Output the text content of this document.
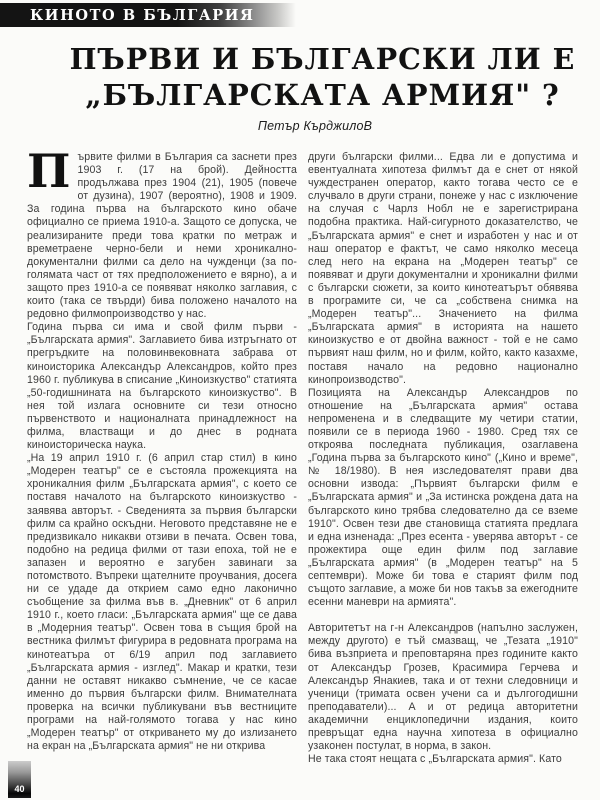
КИНОТО В БЪЛГАРИЯ
ПЪРВИ И БЪЛГАРСКИ ЛИ Е
„БЪЛГАРСКАТА АРМИЯ" ?
Петър КърджилоВ

Първите филми в България са заснети през 1903 г. (17 на брой). Дейността продължава през 1904 (21), 1905 (повече от дузина), 1907 (вероятно), 1908 и 1909. За година първа на българското кино обаче официално се приема 1910-а. Защото се допуска, че реализираните преди това кратки по метраж и времетраене черно-бели и неми хроникално-документални филми са дело на чужденци (за по-голямата част от тях предположението е вярно), а и защото през 1910-а се появяват няколко заглавия, с които (така се твърди) бива положено началото на редовно филмопроизводство у нас.

Година първа си има и свой филм първи - „Българската армия". Заглавието бива изтръгнато от прегръдките на половинвековната забрава от киноисторика Александър Александров, който през 1960 г. публикува в списание „Киноизкуство" статията „50-годишнината на българското киноизкуство". В нея той излага основните си тези относно първенството и националната принадлежност на филма, властващи и до днес в родната киноисторическа наука.

„На 19 април 1910 г. (6 април стар стил) в кино „Модерен театър" се е състояла прожекцията на хроникалния филм „Българската армия", с което се поставя началото на българското киноизкуство - заявява авторът. - Сведенията за първия български филм са крайно оскъдни. Неговото представяне не е предизвикало никакви отзиви в печата. Освен това, подобно на редица филми от тази епоха, той не е запазен и вероятно е загубен завинаги за потомството. Въпреки щателните проучвания, досега ни се удаде да открием само едно лаконично съобщение за филма във в. „Дневник" от 6 април 1910 г., което гласи: „Българската армия" ще се дава в „Модерния театър". Освен това в същия брой на вестника филмът фигурира в редовната програма на кинотеатъра от 6/19 април под заглавието „Българската армия - изглед". Макар и кратки, тези данни не оставят никакво съмнение, че се касае именно до първия български филм. Внимателната проверка на всички публикувани във вестниците програми на най-голямото тогава у нас кино „Модерен театър" от откриването му до излизането на екран на „Българската армия" не ни открива

други български филми... Едва ли е допустима и евентуалната хипотеза филмът да е снет от някой чуждестранен оператор, както тогава често се е случвало в други страни, понеже у нас с изключение на случая с Чарлз Нобл не е зарегистрирана подобна практика. Най-сигурното доказателство, че „Българската армия" е снет и изработен у нас и от наш оператор е фактът, че само няколко месеца след него на екрана на „Модерен театър" се появяват и други документални и хроникални филми с български сюжети, за които кинотеатърът обявява в програмите си, че са „собствена снимка на „Модерен театър"... Значението на филма „Българската армия" в историята на нашето киноизкуство е от двойна важност - той е не само първият наш филм, но и филм, който, както казахме, поставя начало на редовно национално кинопроизводство".

Позицията на Александър Александров по отношение на „Българската армия" остава непроменена и в следващите му четири статии, появили се в периода 1960 - 1980. Сред тях се откроява последната публикация, озаглавена „Година първа за българското кино" („Кино и време", № 18/1980). В нея изследователят прави два основни извода: „Първият български филм е „Българската армия" и „За истинска рождена дата на българското кино трябва следователно да се вземе 1910". Освен тези две становища статията предлага и една изненада: „През есента - уверява авторът - се прожектира още един филм под заглавие „Българската армия" (в „Модерен театър" на 5 септември). Може би това е старият филм под същото заглавие, а може би нов такъв за ежегодните есенни маневри на армията".

Авторитетът на г-н Александров (напълно заслужен, между другото) е тъй смазващ, че „Тезата „1910" бива възприета и преповтаряна през годините както от Александър Грозев, Красимира Герчева и Александър Янакиев, така и от техни следовници и ученици (тримата освен учени са и дългогодишни преподаватели)... А и от редица авторитетни академични енциклопедични издания, които превръщат една научна хипотеза в официално узаконен постулат, в норма, в закон.

Не така стоят нещата с „Българската армия". Като

40
